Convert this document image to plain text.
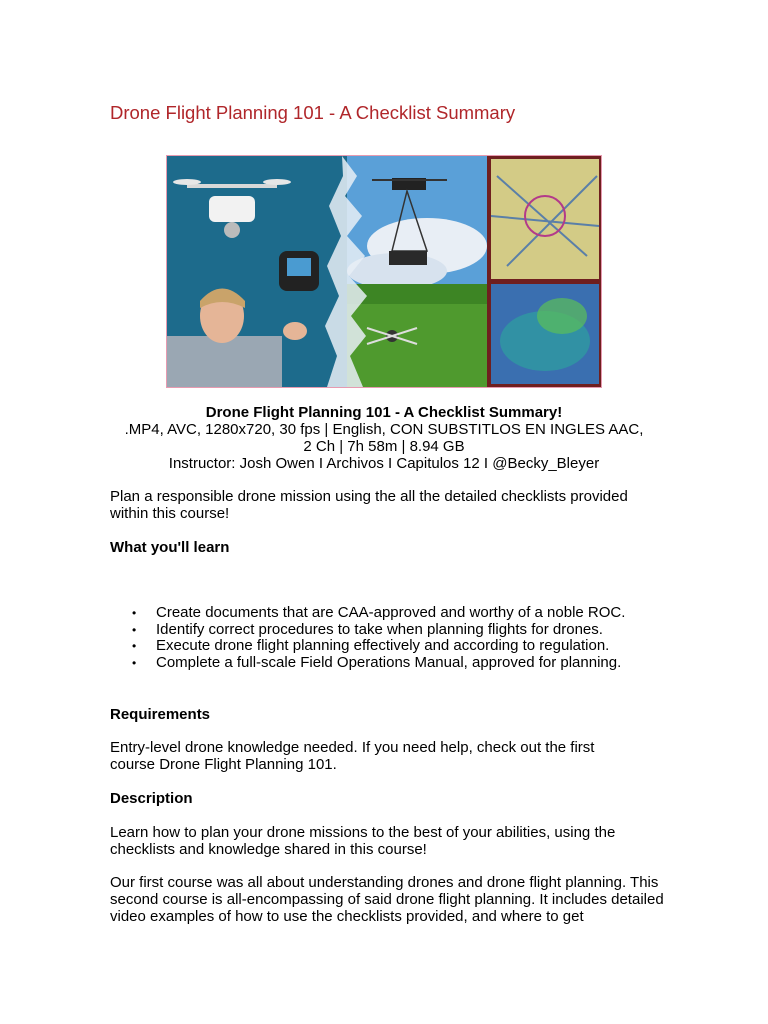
Drone Flight Planning 101 - A Checklist Summary
Drone Flight Planning 101 - A Checklist Summary!
.MP4, AVC, 1280x720, 30 fps | English, CON SUBSTITLOS EN INGLES AAC,
2 Ch | 7h 58m | 8.94 GB
Instructor: Josh Owen I Archivos I Capitulos 12 I @Becky_Bleyer

Plan a responsible drone mission using the all the detailed checklists provided within this course!

What you'll learn

• Create documents that are CAA-approved and worthy of a noble ROC.
• Identify correct procedures to take when planning flights for drones.
• Execute drone flight planning effectively and according to regulation.
• Complete a full-scale Field Operations Manual, approved for planning.

Requirements

Entry-level drone knowledge needed. If you need help, check out the first course Drone Flight Planning 101.

Description

Learn how to plan your drone missions to the best of your abilities, using the checklists and knowledge shared in this course!

Our first course was all about understanding drones and drone flight planning. This second course is all-encompassing of said drone flight planning. It includes detailed video examples of how to use the checklists provided, and where to get
